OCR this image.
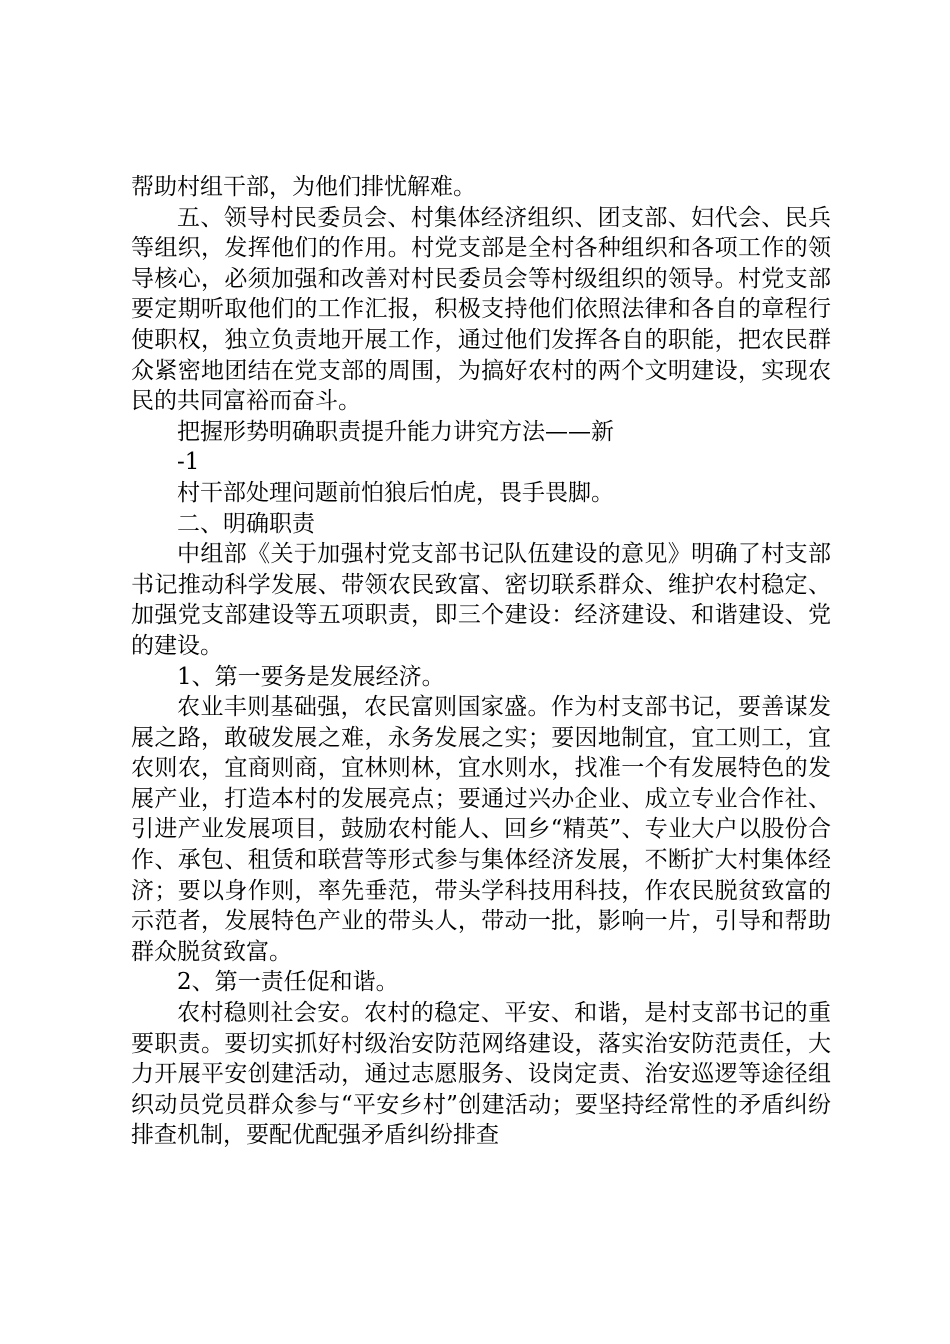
帮助村组干部，为他们排忧解难。

五、领导村民委员会、村集体经济组织、团支部、妇代会、民兵等组织，发挥他们的作用。村党支部是全村各种组织和各项工作的领导核心，必须加强和改善对村民委员会等村级组织的领导。村党支部要定期听取他们的工作汇报，积极支持他们依照法律和各自的章程行使职权，独立负责地开展工作，通过他们发挥各自的职能，把农民群众紧密地团结在党支部的周围，为搞好农村的两个文明建设，实现农民的共同富裕而奋斗。

把握形势明确职责提升能力讲究方法——新

-1

村干部处理问题前怕狼后怕虎，畏手畏脚。

二、明确职责

中组部《关于加强村党支部书记队伍建设的意见》明确了村支部书记推动科学发展、带领农民致富、密切联系群众、维护农村稳定、加强党支部建设等五项职责，即三个建设：经济建设、和谐建设、党的建设。

1、第一要务是发展经济。

农业丰则基础强，农民富则国家盛。作为村支部书记，要善谋发展之路，敢破发展之难，永务发展之实；要因地制宜，宜工则工，宜农则农，宜商则商，宜林则林，宜水则水，找准一个有发展特色的发展产业，打造本村的发展亮点；要通过兴办企业、成立专业合作社、引进产业发展项目，鼓励农村能人、回乡“精英”、专业大户以股份合作、承包、租赁和联营等形式参与集体经济发展，不断扩大村集体经济；要以身作则，率先垂范，带头学科技用科技，作农民脱贫致富的示范者，发展特色产业的带头人，带动一批，影响一片，引导和帮助群众脱贫致富。

2、第一责任促和谐。

农村稳则社会安。农村的稳定、平安、和谐，是村支部书记的重要职责。要切实抓好村级治安防范网络建设，落实治安防范责任，大力开展平安创建活动，通过志愿服务、设岗定责、治安巡逻等途径组织动员党员群众参与“平安乡村”创建活动；要坚持经常性的矛盾纠纷排查机制，要配优配强矛盾纠纷排查
